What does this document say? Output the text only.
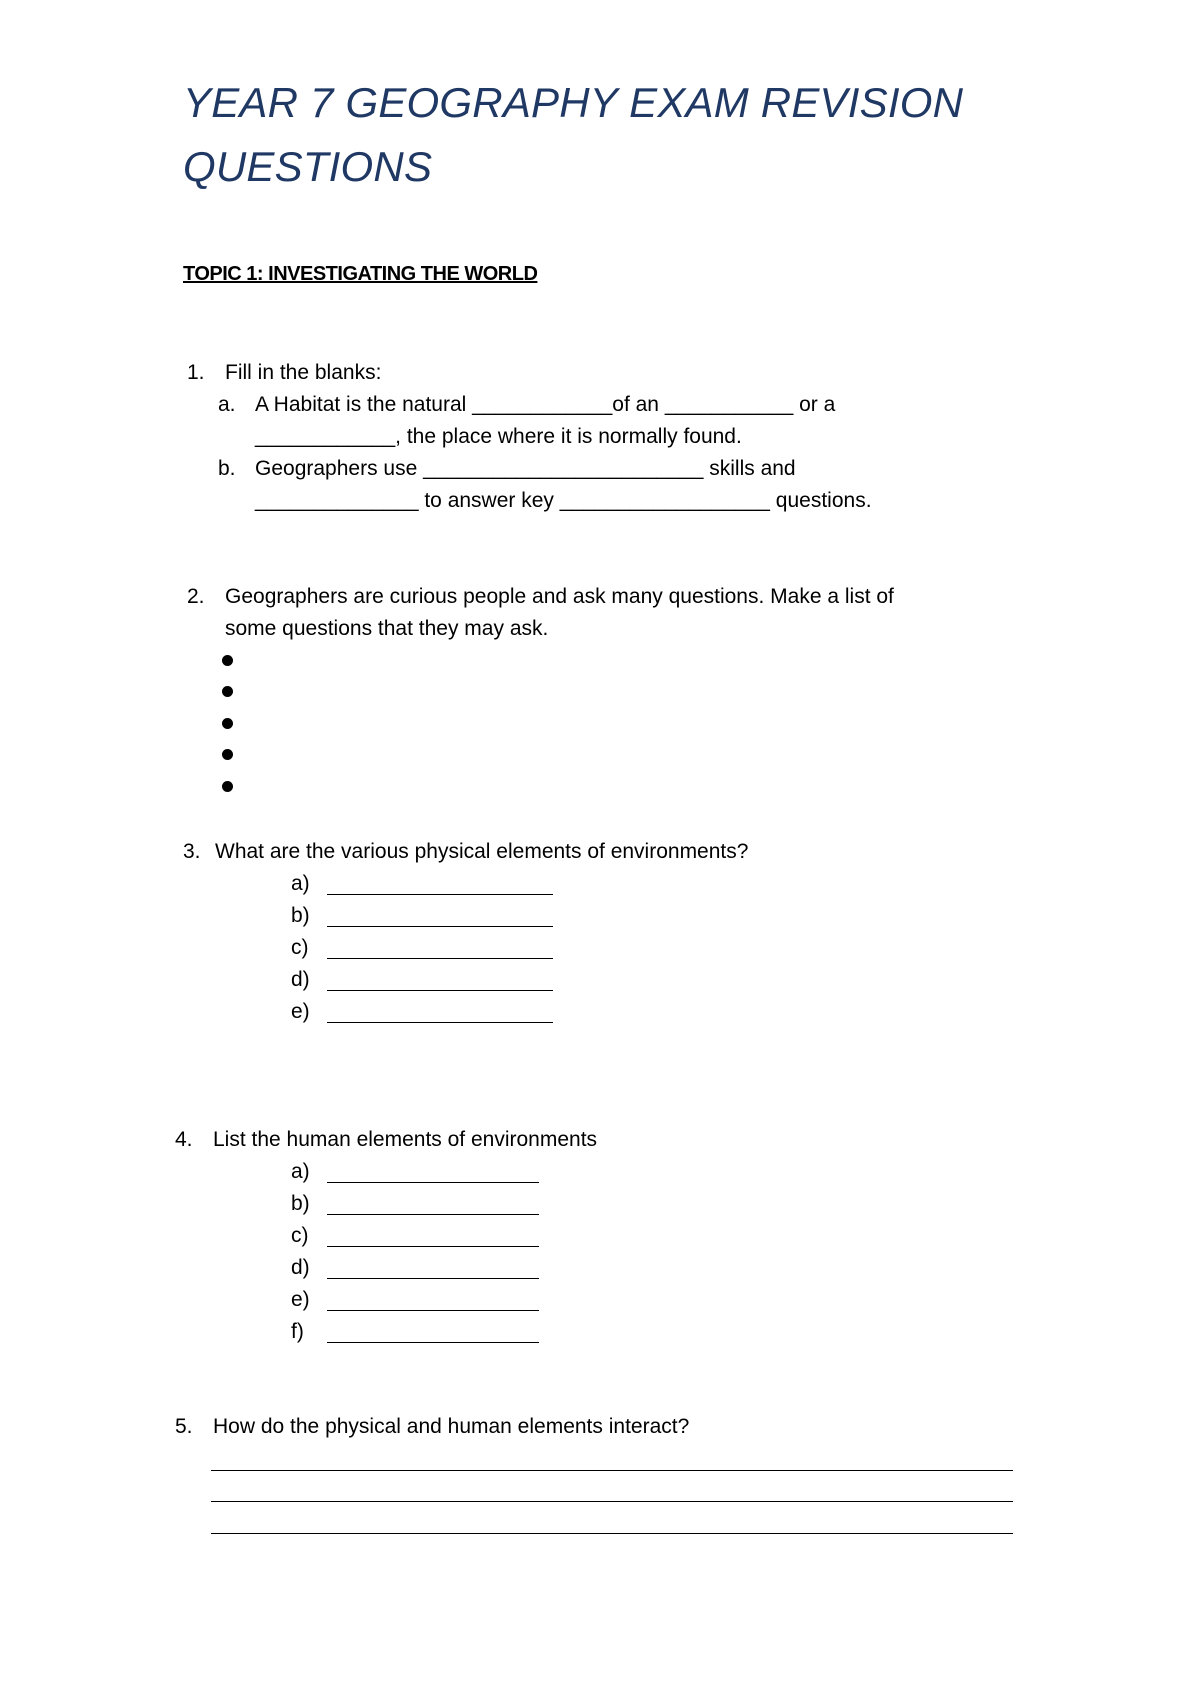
YEAR 7 GEOGRAPHY EXAM REVISION
QUESTIONS
TOPIC 1: INVESTIGATING THE WORLD
1. Fill in the blanks:
a. A Habitat is the natural ____________of an ___________ or a
____________, the place where it is normally found.
b. Geographers use ________________________ skills and
______________ to answer key __________________ questions.
2. Geographers are curious people and ask many questions. Make a list of
some questions that they may ask.
3. What are the various physical elements of environments?
a)
b)
c)
d)
e)
4. List the human elements of environments
a)
b)
c)
d)
e)
f)
5. How do the physical and human elements interact?
